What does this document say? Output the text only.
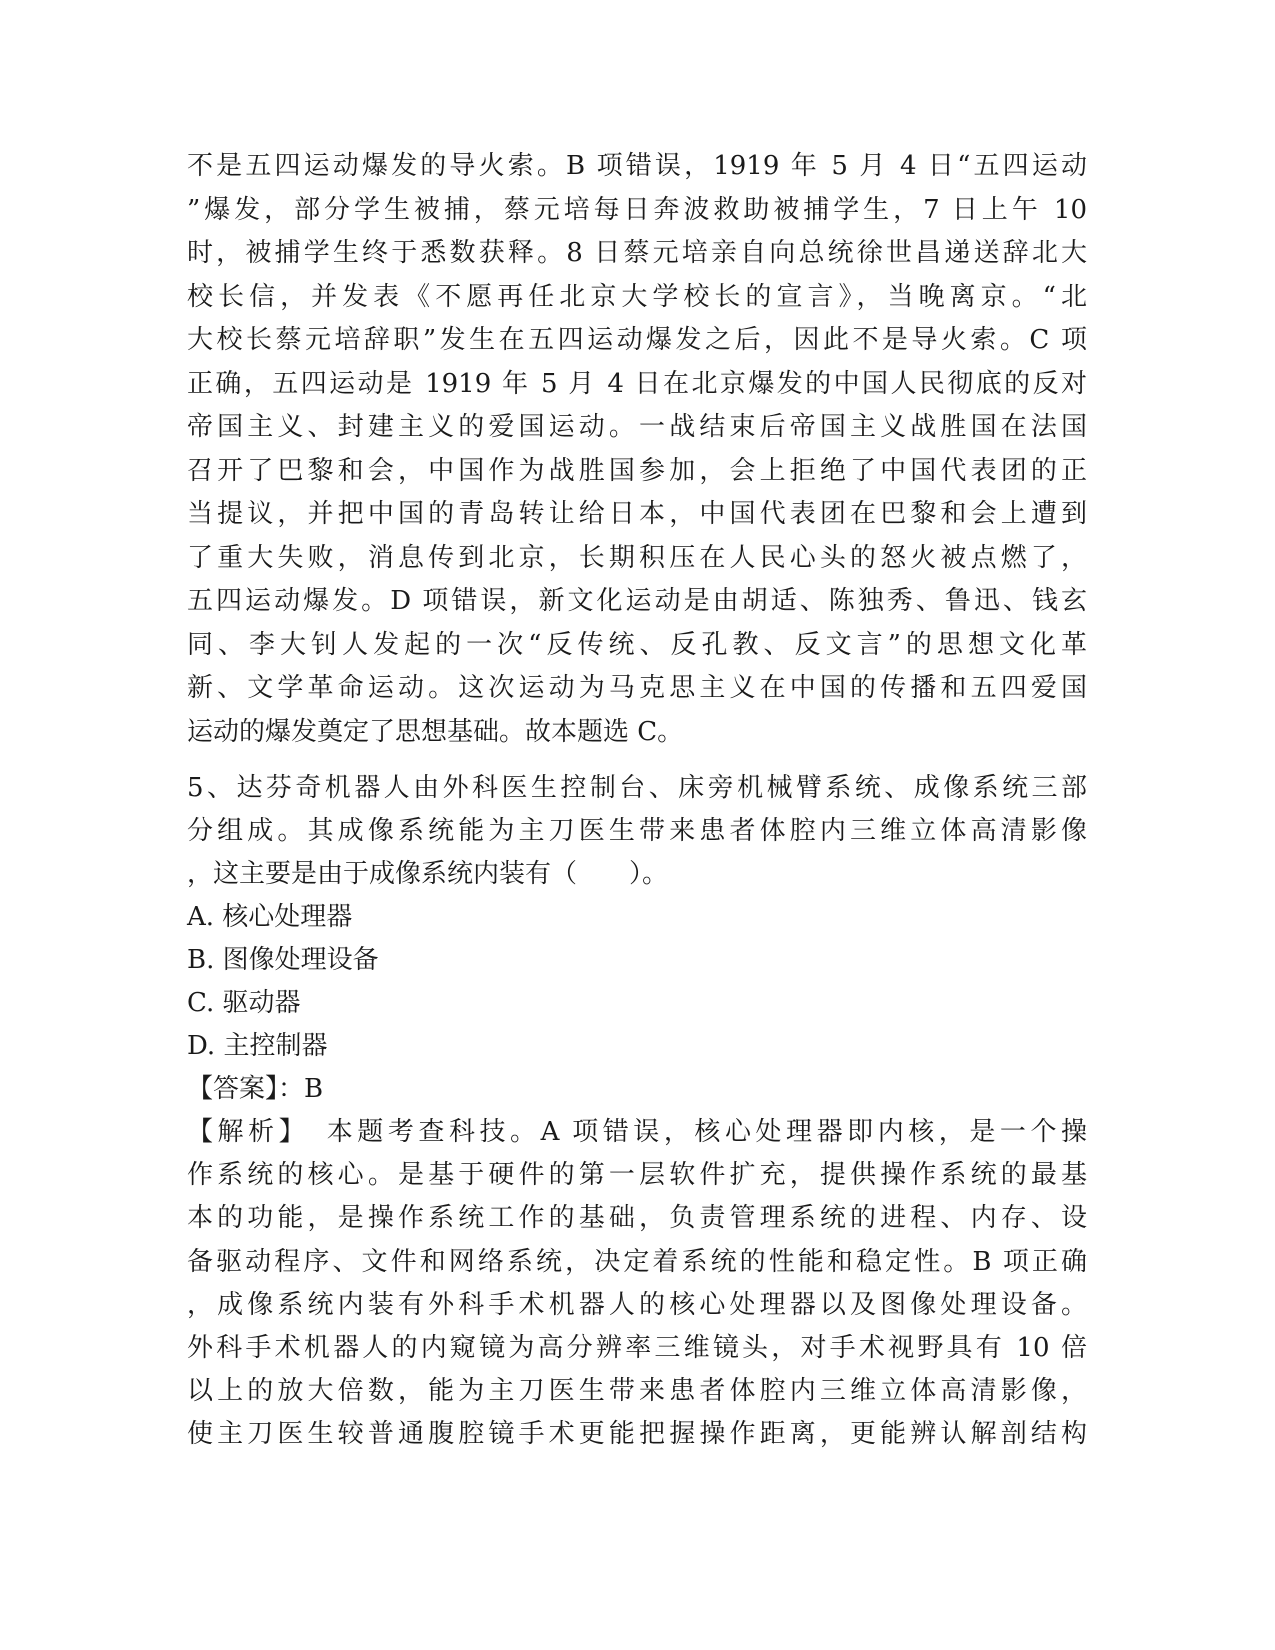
不是五四运动爆发的导火索。B 项错误，1919 年 5 月 4 日“五四运动
”爆发，部分学生被捕，蔡元培每日奔波救助被捕学生，7 日上午 10
时，被捕学生终于悉数获释。8 日蔡元培亲自向总统徐世昌递送辞北大
校长信，并发表《不愿再任北京大学校长的宣言》，当晚离京。“北
大校长蔡元培辞职”发生在五四运动爆发之后，因此不是导火索。C 项
正确，五四运动是 1919 年 5 月 4 日在北京爆发的中国人民彻底的反对
帝国主义、封建主义的爱国运动。一战结束后帝国主义战胜国在法国
召开了巴黎和会，中国作为战胜国参加，会上拒绝了中国代表团的正
当提议，并把中国的青岛转让给日本，中国代表团在巴黎和会上遭到
了重大失败，消息传到北京，长期积压在人民心头的怒火被点燃了，
五四运动爆发。D 项错误，新文化运动是由胡适、陈独秀、鲁迅、钱玄
同、李大钊人发起的一次“反传统、反孔教、反文言”的思想文化革
新、文学革命运动。这次运动为马克思主义在中国的传播和五四爱国
运动的爆发奠定了思想基础。故本题选 C。
5、达芬奇机器人由外科医生控制台、床旁机械臂系统、成像系统三部
分组成。其成像系统能为主刀医生带来患者体腔内三维立体高清影像
，这主要是由于成像系统内装有（　　）。
A. 核心处理器
B. 图像处理设备
C. 驱动器
D. 主控制器
【答案】：B
【解析】　本题考查科技。A 项错误，核心处理器即内核，是一个操
作系统的核心。是基于硬件的第一层软件扩充，提供操作系统的最基
本的功能，是操作系统工作的基础，负责管理系统的进程、内存、设
备驱动程序、文件和网络系统，决定着系统的性能和稳定性。B 项正确
，成像系统内装有外科手术机器人的核心处理器以及图像处理设备。
外科手术机器人的内窥镜为高分辨率三维镜头，对手术视野具有 10 倍
以上的放大倍数，能为主刀医生带来患者体腔内三维立体高清影像，
使主刀医生较普通腹腔镜手术更能把握操作距离，更能辨认解剖结构
